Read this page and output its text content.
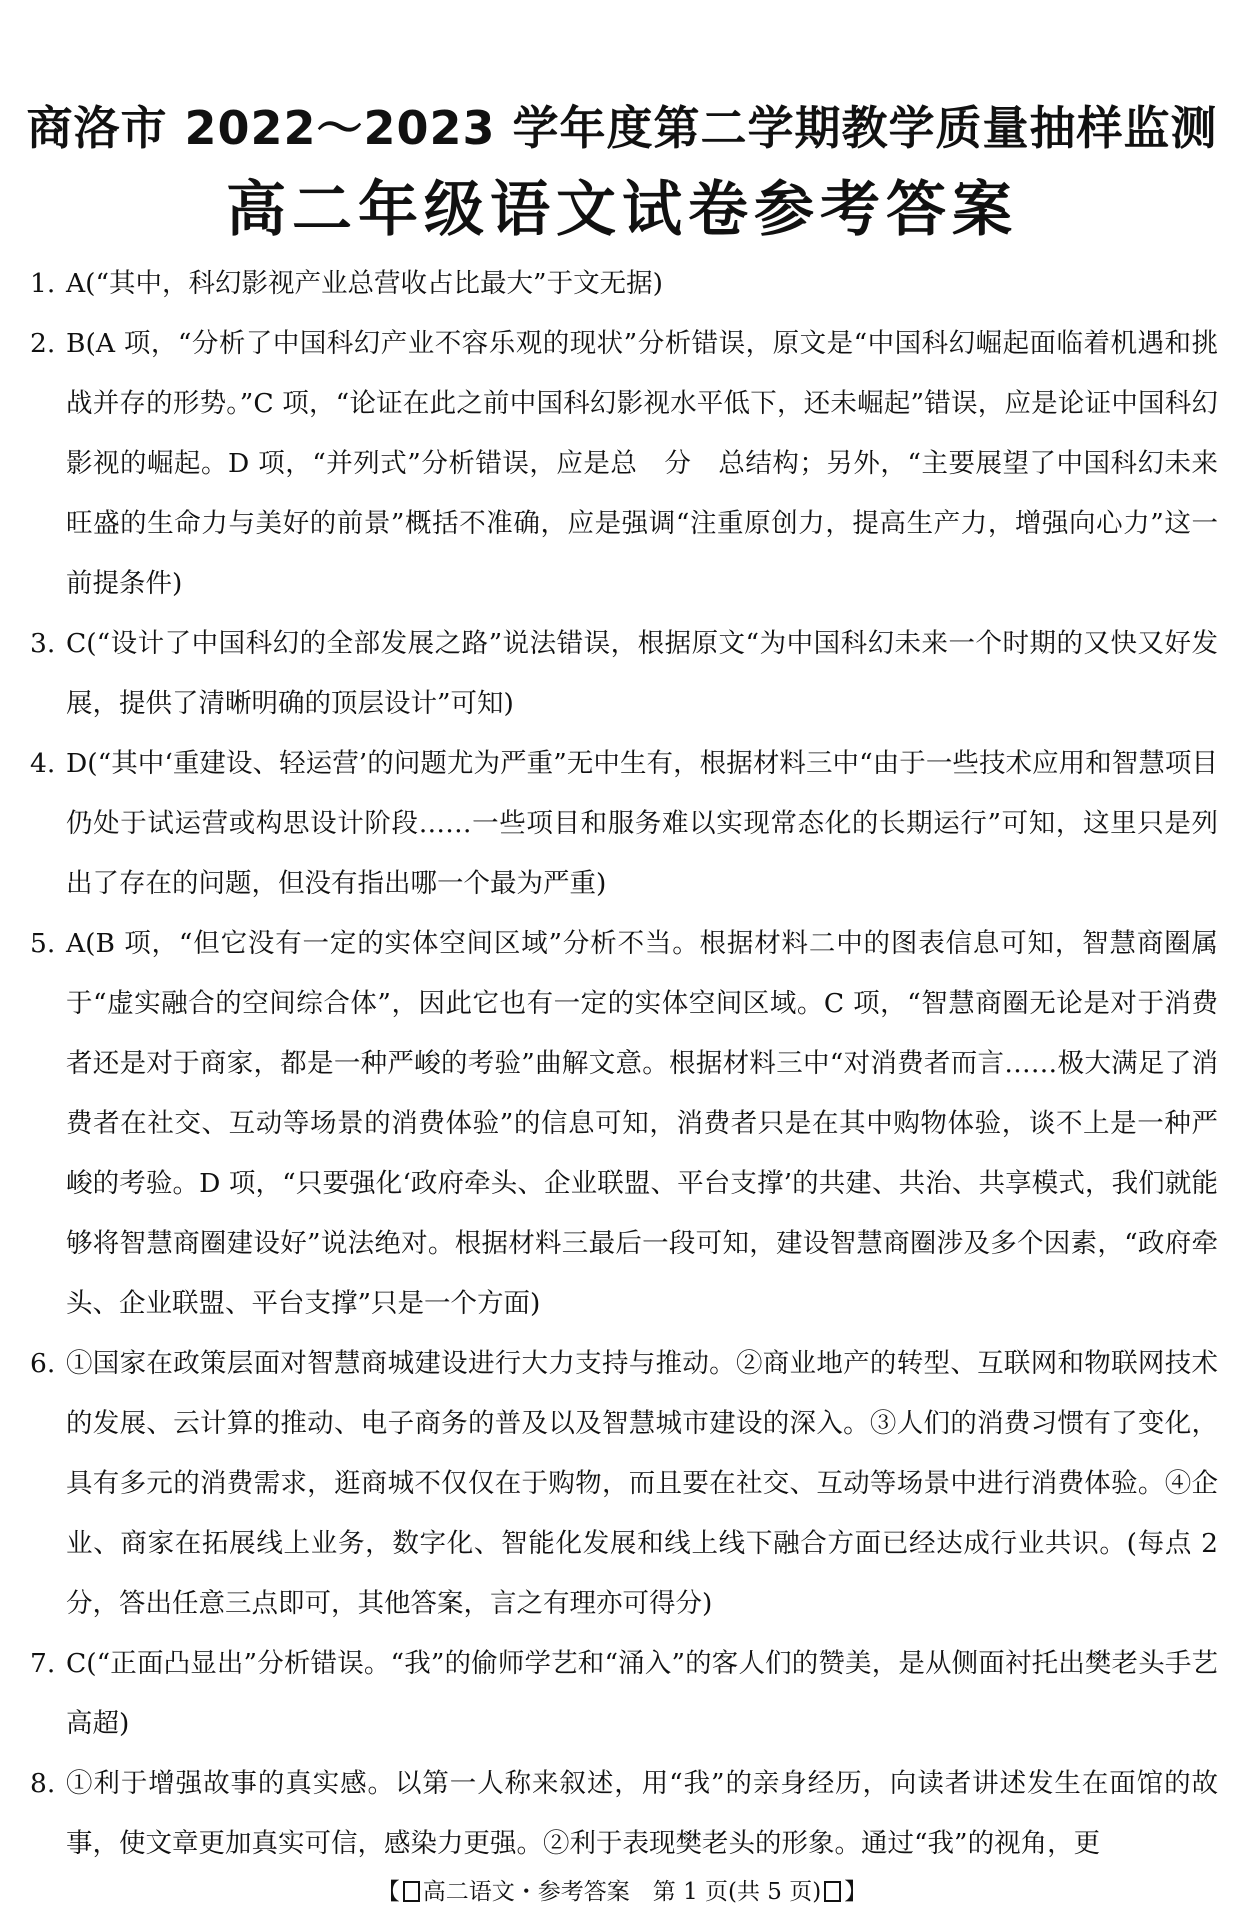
商洛市 2022～2023 学年度第二学期教学质量抽样监测
高二年级语文试卷参考答案
1. A(“其中，科幻影视产业总营收占比最大”于文无据)
2. B(A 项，“分析了中国科幻产业不容乐观的现状”分析错误，原文是“中国科幻崛起面临着机遇和挑战并存的形势。”C 项，“论证在此之前中国科幻影视水平低下，还未崛起”错误，应是论证中国科幻影视的崛起。D 项，“并列式”分析错误，应是总　分　总结构；另外，“主要展望了中国科幻未来旺盛的生命力与美好的前景”概括不准确，应是强调“注重原创力，提高生产力，增强向心力”这一前提条件)
3. C(“设计了中国科幻的全部发展之路”说法错误，根据原文“为中国科幻未来一个时期的又快又好发展，提供了清晰明确的顶层设计”可知)
4. D(“其中‘重建设、轻运营’的问题尤为严重”无中生有，根据材料三中“由于一些技术应用和智慧项目仍处于试运营或构思设计阶段……一些项目和服务难以实现常态化的长期运行”可知，这里只是列出了存在的问题，但没有指出哪一个最为严重)
5. A(B 项，“但它没有一定的实体空间区域”分析不当。根据材料二中的图表信息可知，智慧商圈属于“虚实融合的空间综合体”，因此它也有一定的实体空间区域。C 项，“智慧商圈无论是对于消费者还是对于商家，都是一种严峻的考验”曲解文意。根据材料三中“对消费者而言……极大满足了消费者在社交、互动等场景的消费体验”的信息可知，消费者只是在其中购物体验，谈不上是一种严峻的考验。D 项，“只要强化‘政府牵头、企业联盟、平台支撑’的共建、共治、共享模式，我们就能够将智慧商圈建设好”说法绝对。根据材料三最后一段可知，建设智慧商圈涉及多个因素，“政府牵头、企业联盟、平台支撑”只是一个方面)
6. ①国家在政策层面对智慧商城建设进行大力支持与推动。②商业地产的转型、互联网和物联网技术的发展、云计算的推动、电子商务的普及以及智慧城市建设的深入。③人们的消费习惯有了变化，具有多元的消费需求，逛商城不仅仅在于购物，而且要在社交、互动等场景中进行消费体验。④企业、商家在拓展线上业务，数字化、智能化发展和线上线下融合方面已经达成行业共识。(每点 2 分，答出任意三点即可，其他答案，言之有理亦可得分)
7. C(“正面凸显出”分析错误。“我”的偷师学艺和“涌入”的客人们的赞美，是从侧面衬托出樊老头手艺高超)
8. ①利于增强故事的真实感。以第一人称来叙述，用“我”的亲身经历，向读者讲述发生在面馆的故事，使文章更加真实可信，感染力更强。②利于表现樊老头的形象。通过“我”的视角，更
【 高二语文・参考答案　第 1 页(共 5 页) 】
